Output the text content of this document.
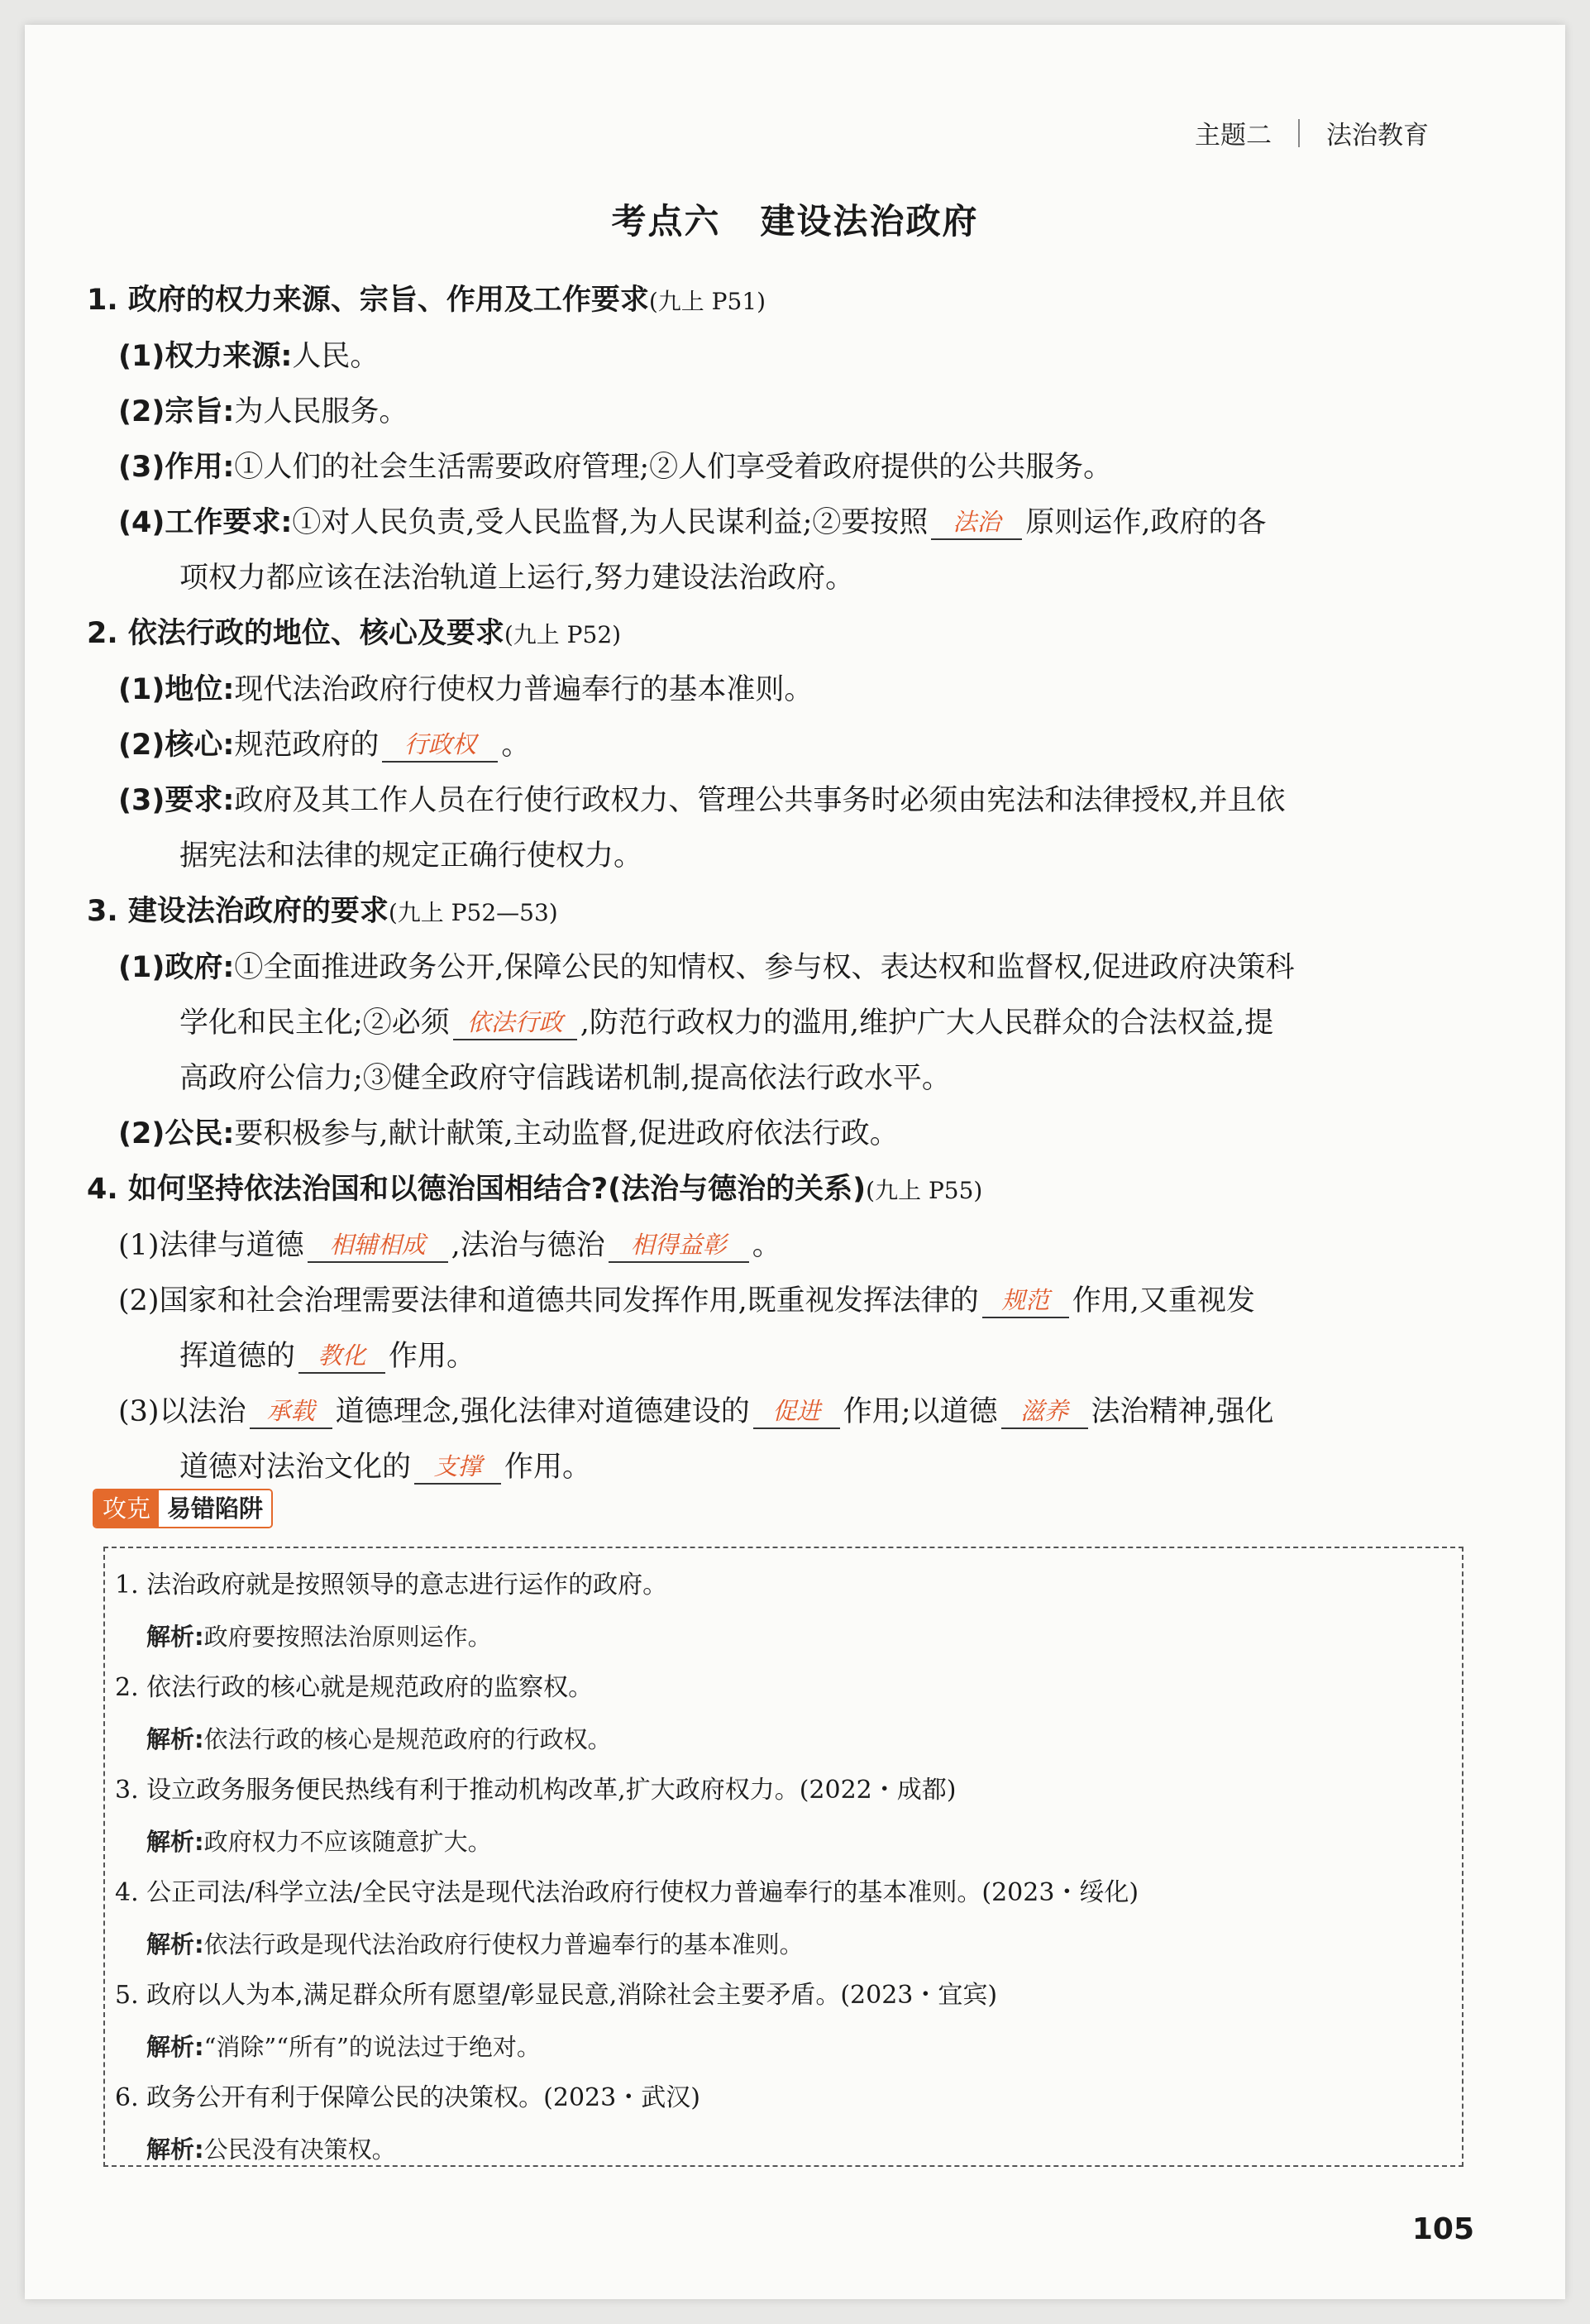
主题二 法治教育
考点六 建设法治政府
1. 政府的权力来源、宗旨、作用及工作要求(九上 P51)
(1)权力来源:人民。
(2)宗旨:为人民服务。
(3)作用:①人们的社会生活需要政府管理;②人们享受着政府提供的公共服务。
(4)工作要求:①对人民负责,受人民监督,为人民谋利益;②要按照 法治 原则运作,政府的各
项权力都应该在法治轨道上运行,努力建设法治政府。
2. 依法行政的地位、核心及要求(九上 P52)
(1)地位:现代法治政府行使权力普遍奉行的基本准则。
(2)核心:规范政府的 行政权 。
(3)要求:政府及其工作人员在行使行政权力、管理公共事务时必须由宪法和法律授权,并且依
据宪法和法律的规定正确行使权力。
3. 建设法治政府的要求(九上 P52—53)
(1)政府:①全面推进政务公开,保障公民的知情权、参与权、表达权和监督权,促进政府决策科
学化和民主化;②必须 依法行政 ,防范行政权力的滥用,维护广大人民群众的合法权益,提
高政府公信力;③健全政府守信践诺机制,提高依法行政水平。
(2)公民:要积极参与,献计献策,主动监督,促进政府依法行政。
4. 如何坚持依法治国和以德治国相结合?(法治与德治的关系)(九上 P55)
(1)法律与道德 相辅相成 ,法治与德治 相得益彰 。
(2)国家和社会治理需要法律和道德共同发挥作用,既重视发挥法律的 规范 作用,又重视发
挥道德的 教化 作用。
(3)以法治 承载 道德理念,强化法律对道德建设的 促进 作用;以道德 滋养 法治精神,强化
道德对法治文化的 支撑 作用。
攻克 易错陷阱
1. 法治政府就是按照领导的意志进行运作的政府。
解析:政府要按照法治原则运作。
2. 依法行政的核心就是规范政府的监察权。
解析:依法行政的核心是规范政府的行政权。
3. 设立政务服务便民热线有利于推动机构改革,扩大政府权力。(2022・成都)
解析:政府权力不应该随意扩大。
4. 公正司法/科学立法/全民守法是现代法治政府行使权力普遍奉行的基本准则。(2023・绥化)
解析:依法行政是现代法治政府行使权力普遍奉行的基本准则。
5. 政府以人为本,满足群众所有愿望/彰显民意,消除社会主要矛盾。(2023・宜宾)
解析:“消除”“所有”的说法过于绝对。
6. 政务公开有利于保障公民的决策权。(2023・武汉)
解析:公民没有决策权。
105
